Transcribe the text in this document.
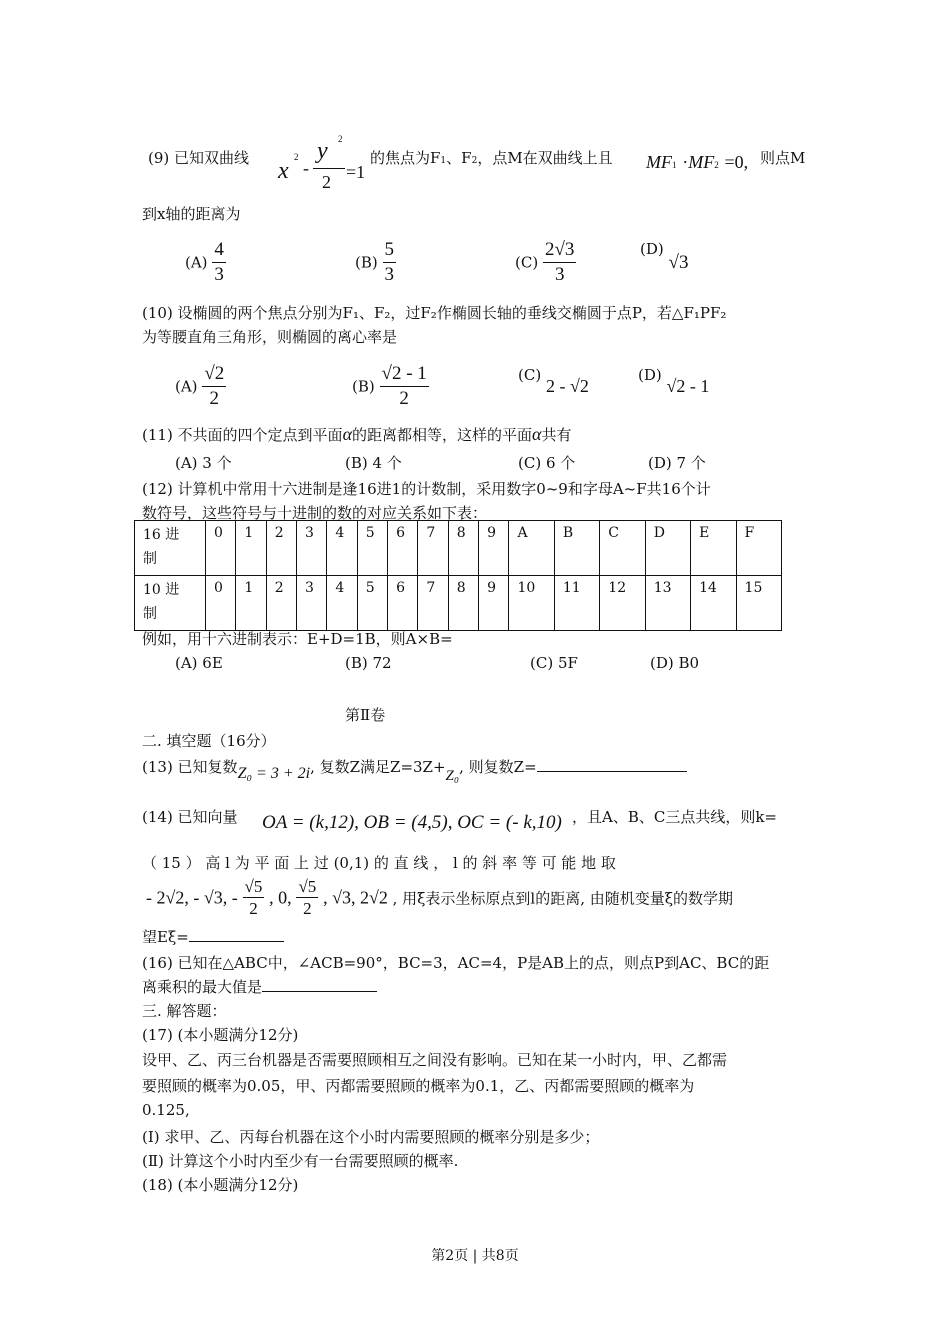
(9) 已知双曲线 x
2
-
y 2
2 =1
的焦点为F1、F2，点M在双曲线上且 MF1 ·MF2 =0, 则点M
到x轴的距离为
$(A) \frac{4}{3}$	$(B) \frac{5}{3}$	$(C) \frac{2√3}{3}$	(D) √3
(10) 设椭圆的两个焦点分别为F₁、F₂，过F₂作椭圆长轴的垂线交椭圆于点P，若△F₁PF₂
为等腰直角三角形，则椭圆的离心率是
$(A) \frac{√2}{2}$	$(B) \frac{√2 - 1}{2}$	(C) 2 - √2
(D) √2 - 1
(11) 不共面的四个定点到平面α的距离都相等，这样的平面α共有
(A) 3 个	(B) 4 个	(C) 6 个	(D) 7 个
(12) 计算机中常用十六进制是逢16进1的计数制，采用数字0~9和字母A~F共16个计
数符号，这些符号与十进制的数的对应关系如下表：
16 进
制	0	1	2	3	4	5	6	7	8	9	A	B	C	D	E	F
10 进
制	0	1	2	3	4	5	6	7	8	9	10	11	12	13	14	15
例如，用十六进制表示：E+D=1B，则A×B=
(A) 6E	(B) 72	(C) 5F	(D) B0
第Ⅱ卷
二. 填空题（16分）
(13) 已知复数Z₀ = 3 + 2i, 复数Z满足Z=3Z+Z₀, 则复数Z=
(14) 已知向量 OA = (k,12), OB = (4,5), OC = (- k,10) ，且A、B、C三点共线，则k=
（ 15 ） 高 l 为 平 面 上 过 (0,1) 的 直 线 ， l 的 斜 率 等 可 能 地 取
- 2√2, - √3, - $\frac{√5}{2}$ , 0, $\frac{√5}{2}$ , √3, 2√2 , 用ξ表示坐标原点到l的距离, 由随机变量ξ的数学期
望Eξ=
(16) 已知在△ABC中，∠ACB=90°，BC=3，AC=4，P是AB上的点，则点P到AC、BC的距
离乘积的最大值是
三. 解答题：
(17) (本小题满分12分)
设甲、乙、丙三台机器是否需要照顾相互之间没有影响。已知在某一小时内，甲、乙都需
要照顾的概率为0.05，甲、丙都需要照顾的概率为0.1，乙、丙都需要照顾的概率为
0.125,
(Ⅰ) 求甲、乙、丙每台机器在这个小时内需要照顾的概率分别是多少；
(Ⅱ) 计算这个小时内至少有一台需要照顾的概率.
(18) (本小题满分12分)
第2页 | 共8页
